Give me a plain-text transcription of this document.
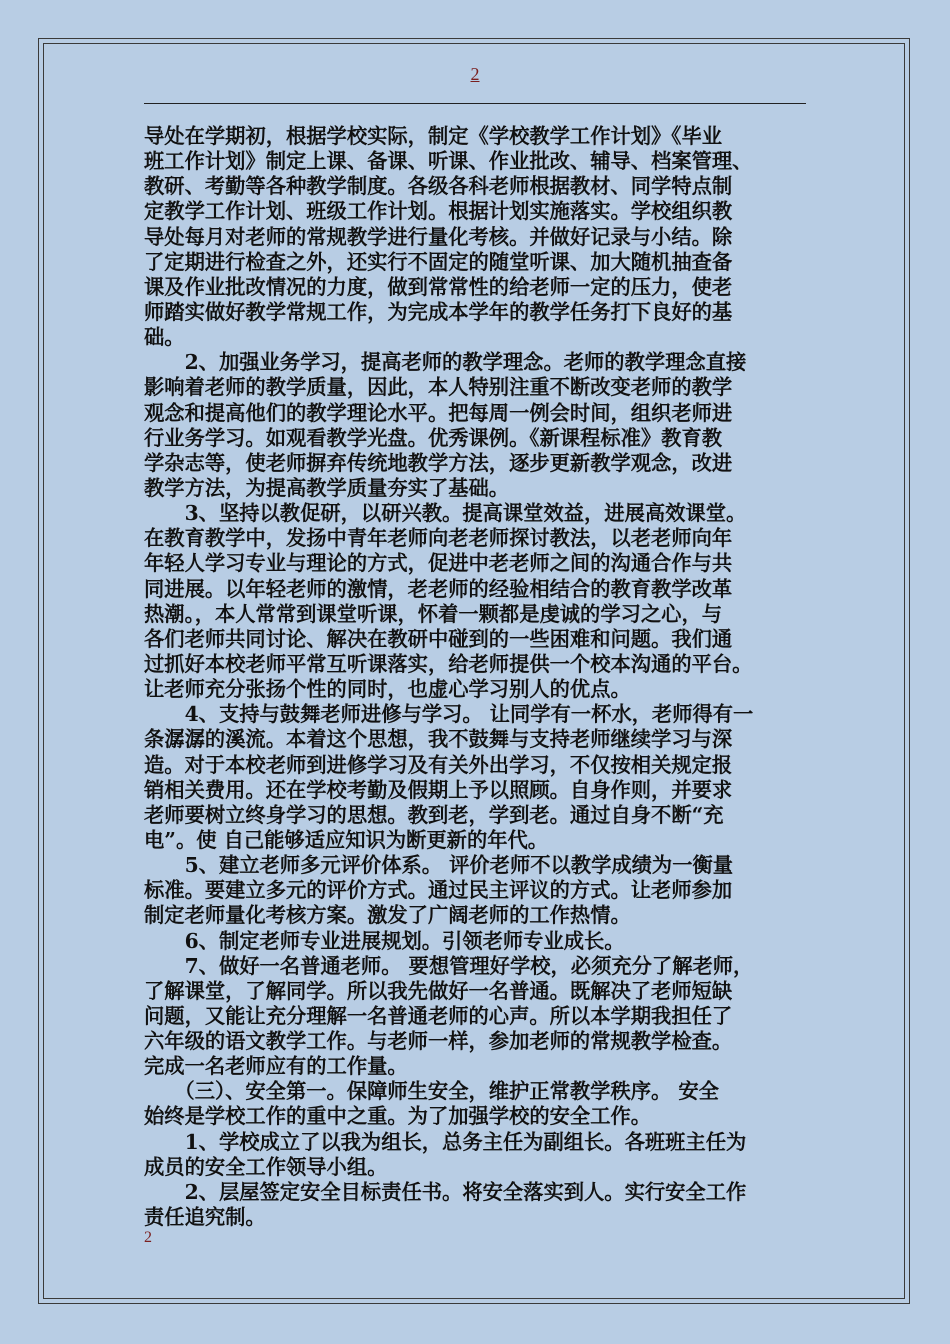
2
导处在学期初，根据学校实际，制定《学校教学工作计划》《毕业
班工作计划》制定上课、备课、听课、作业批改、辅导、档案管理、
教研、考勤等各种教学制度。各级各科老师根据教材、同学特点制
定教学工作计划、班级工作计划。根据计划实施落实。学校组织教
导处每月对老师的常规教学进行量化考核。并做好记录与小结。除
了定期进行检查之外，还实行不固定的随堂听课、加大随机抽查备
课及作业批改情况的力度，做到常常性的给老师一定的压力，使老
师踏实做好教学常规工作，为完成本学年的教学任务打下良好的基
础。
　　2、加强业务学习，提高老师的教学理念。老师的教学理念直接
影响着老师的教学质量，因此，本人特别注重不断改变老师的教学
观念和提高他们的教学理论水平。把每周一例会时间，组织老师进
行业务学习。如观看教学光盘。优秀课例。《新课程标准》教育教
学杂志等，使老师摒弃传统地教学方法，逐步更新教学观念，改进
教学方法，为提高教学质量夯实了基础。
　　3、坚持以教促研，以研兴教。提高课堂效益，进展高效课堂。
在教育教学中，发扬中青年老师向老老师探讨教法，以老老师向年
年轻人学习专业与理论的方式，促进中老老师之间的沟通合作与共
同进展。以年轻老师的激情，老老师的经验相结合的教育教学改革
热潮。，本人常常到课堂听课，怀着一颗都是虔诚的学习之心，与
各们老师共同讨论、解决在教研中碰到的一些困难和问题。我们通
过抓好本校老师平常互听课落实，给老师提供一个校本沟通的平台。
让老师充分张扬个性的同时，也虚心学习别人的优点。
　　4、支持与鼓舞老师进修与学习。 让同学有一杯水，老师得有一
条潺潺的溪流。本着这个思想，我不鼓舞与支持老师继续学习与深
造。对于本校老师到进修学习及有关外出学习，不仅按相关规定报
销相关费用。还在学校考勤及假期上予以照顾。自身作则，并要求
老师要树立终身学习的思想。教到老，学到老。通过自身不断“充
电”。使 自己能够适应知识为断更新的年代。
　　5、建立老师多元评价体系。 评价老师不以教学成绩为一衡量
标准。要建立多元的评价方式。通过民主评议的方式。让老师参加
制定老师量化考核方案。激发了广阔老师的工作热情。
　　6、制定老师专业进展规划。引领老师专业成长。
　　7、做好一名普通老师。 要想管理好学校，必须充分了解老师，
了解课堂，了解同学。所以我先做好一名普通。既解决了老师短缺
问题，又能让充分理解一名普通老师的心声。所以本学期我担任了
六年级的语文教学工作。与老师一样，参加老师的常规教学检查。
完成一名老师应有的工作量。
　　（三）、安全第一。保障师生安全，维护正常教学秩序。 安全
始终是学校工作的重中之重。为了加强学校的安全工作。
　　1、学校成立了以我为组长，总务主任为副组长。各班班主任为
成员的安全工作领导小组。
　　2、层屋签定安全目标责任书。将安全落实到人。实行安全工作
责任追究制。
2
